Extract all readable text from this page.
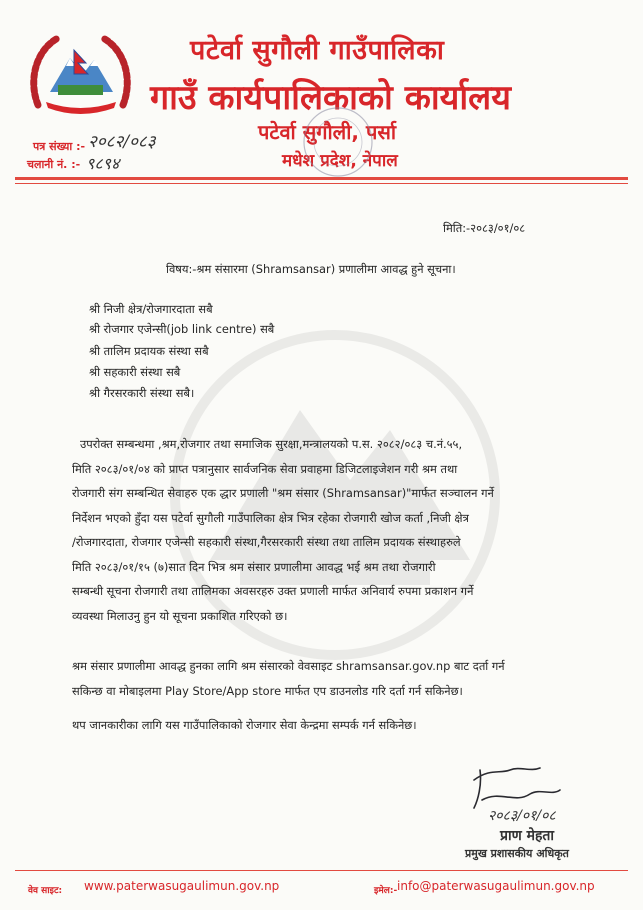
पटेर्वा सुगौली गाउँपालिका
गाउँ कार्यपालिकाको कार्यालय
पटेर्वा सुगौली, पर्सा
मधेश प्रदेश, नेपाल
पत्र संख्या :- २०८२/०८३
चलानी नं. :- ९८९४
मिति:-२०८३/०१/०८
विषय:-श्रम संसारमा (Shramsansar) प्रणालीमा आवद्ध हुने सूचना।
श्री निजी क्षेत्र/रोजगारदाता सबै
श्री रोजगार एजेन्सी(job link centre) सबै
श्री तालिम प्रदायक संस्था सबै
श्री सहकारी संस्था सबै
श्री गैरसरकारी संस्था सबै।
उपरोक्त सम्बन्धमा ,श्रम,रोजगार तथा समाजिक सुरक्षा,मन्त्रालयको प.स. २०८२/०८३ च.नं.५५,
मिति २०८३/०१/०४ को प्राप्त पत्रानुसार सार्वजनिक सेवा प्रवाहमा डिजिटलाइजेशन गरी श्रम तथा
रोजगारी संग सम्बन्धित सेवाहरु एक द्धार प्रणाली "श्रम संसार (Shramsansar)"मार्फत सञ्चालन गर्ने
निर्देशन भएको हुँदा यस पटेर्वा सुगौली गाउँपालिका क्षेत्र भित्र रहेका रोजगारी खोज कर्ता ,निजी क्षेत्र
/रोजगारदाता, रोजगार एजेन्सी सहकारी संस्था,गैरसरकारी संस्था तथा तालिम प्रदायक संस्थाहरुले
मिति २०८३/०१/१५ (७)सात दिन भित्र श्रम संसार प्रणालीमा आवद्ध भई श्रम तथा रोजगारी
सम्बन्धी सूचना रोजगारी तथा तालिमका अवसरहरु उक्त प्रणाली मार्फत अनिवार्य रुपमा प्रकाशन गर्ने
व्यवस्था मिलाउनु हुन यो सूचना प्रकाशित गरिएको छ।
श्रम संसार प्रणालीमा आवद्ध हुनका लागि श्रम संसारको वेवसाइट shramsansar.gov.np बाट दर्ता गर्न
सकिन्छ वा मोबाइलमा Play Store/App store मार्फत एप डाउनलोड गरि दर्ता गर्न सकिनेछ।
थप जानकारीका लागि यस गाउँपालिकाको रोजगार सेवा केन्द्रमा सम्पर्क गर्न सकिनेछ।
२०८३/०१/०८
प्राण मेहता
प्रमुख प्रशासकीय अधिकृत
वेव साइट: www.paterwasugaulimun.gov.np	इमेल:- info@paterwasugaulimun.gov.np
